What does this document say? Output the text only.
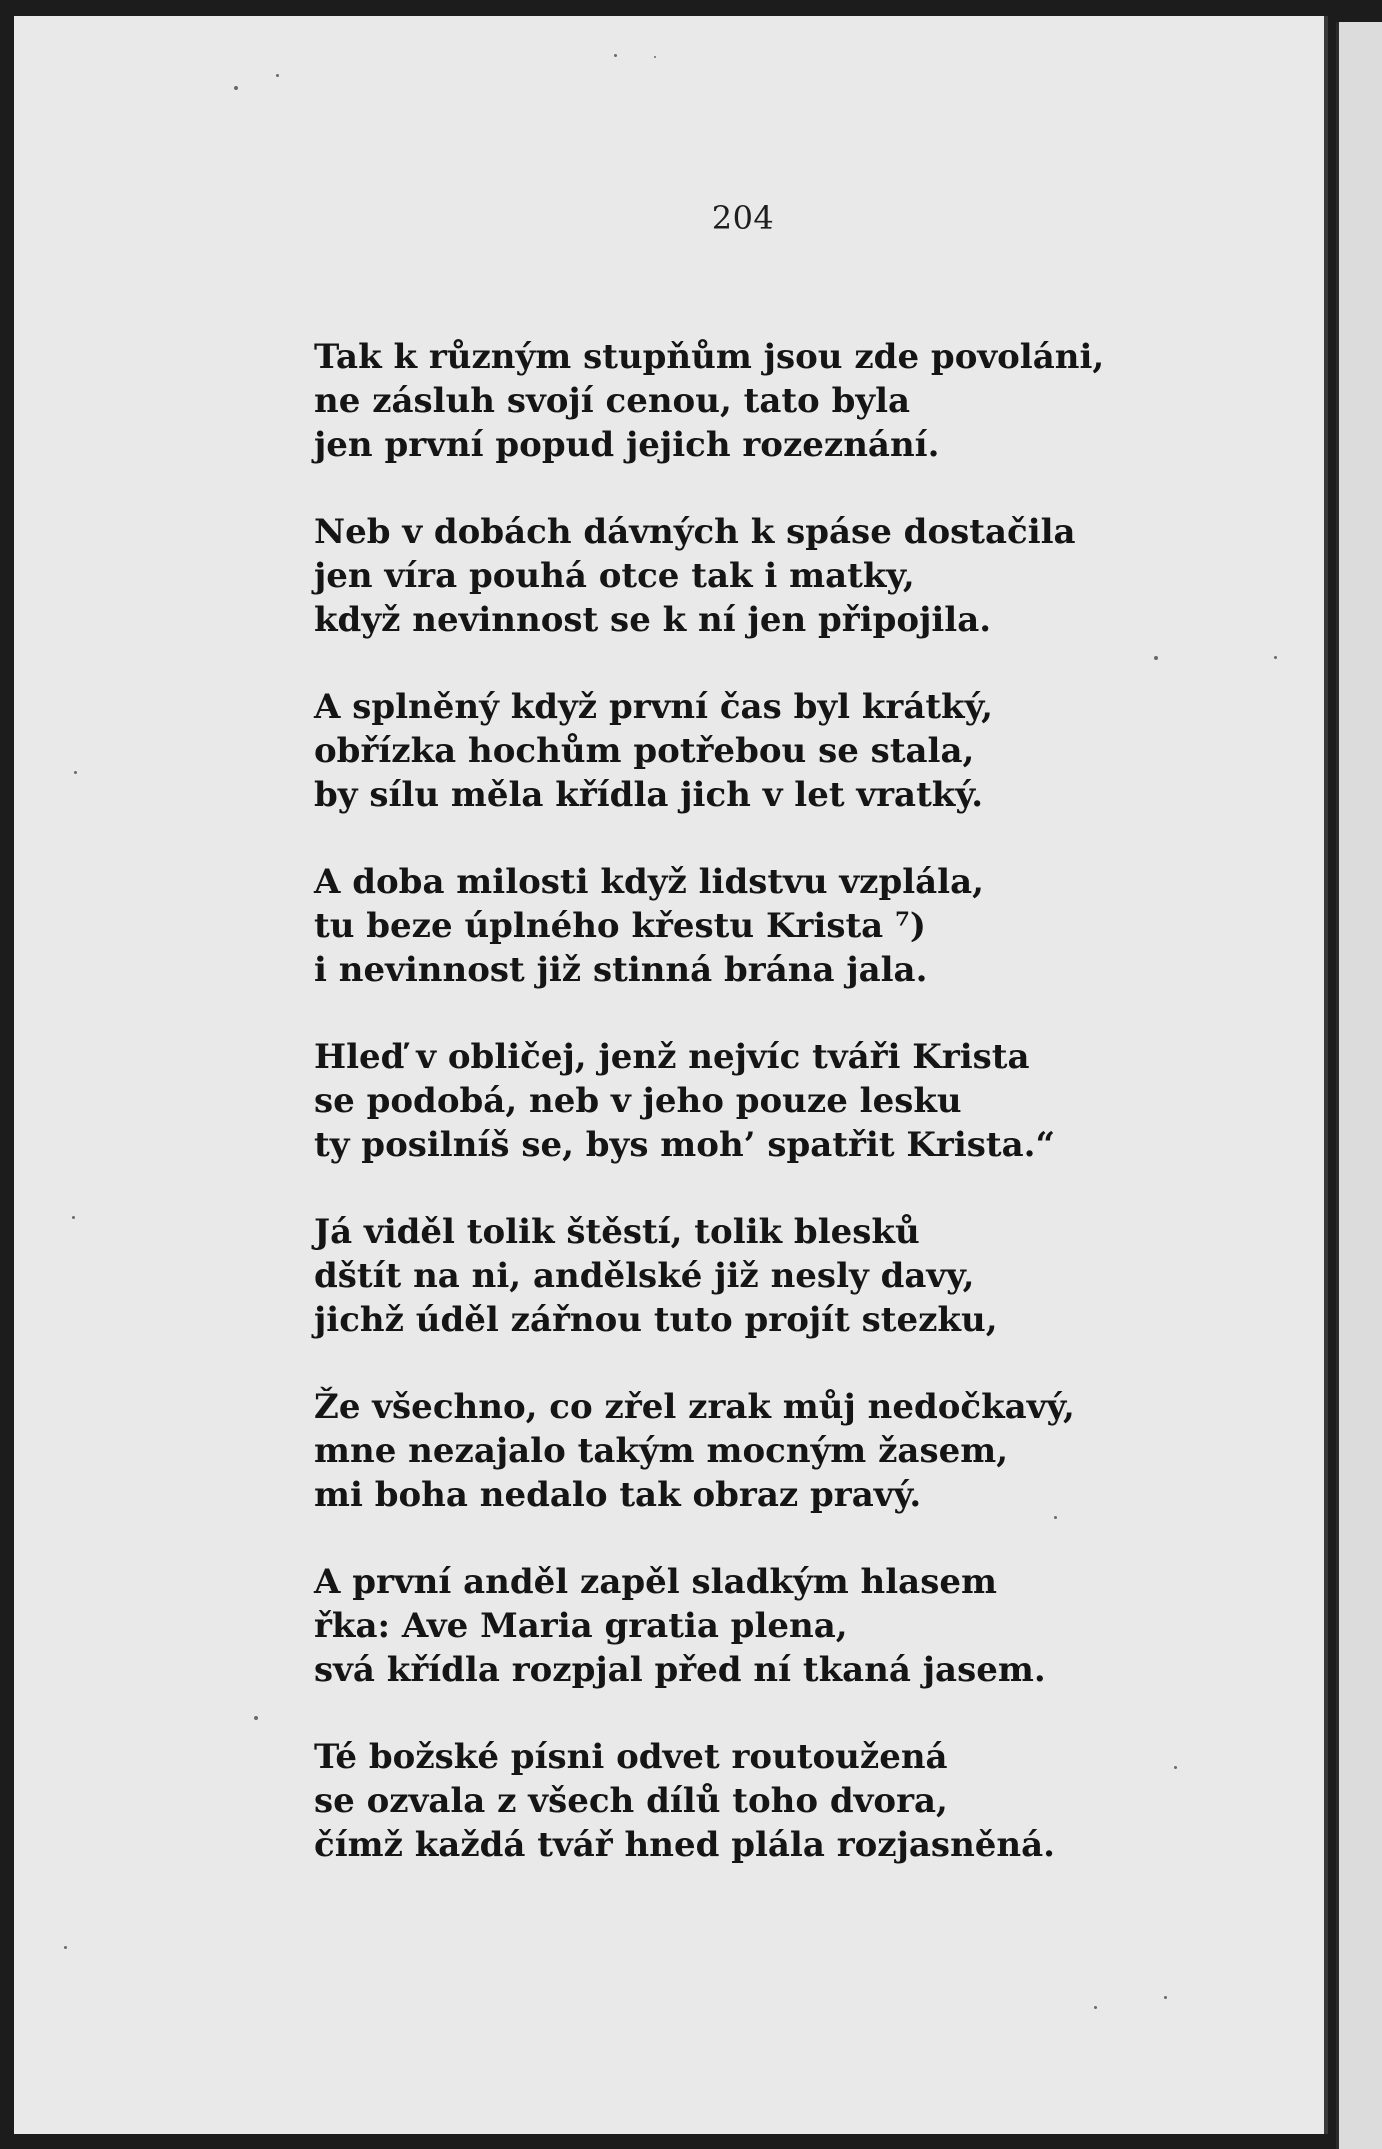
204
Tak k různým stupňům jsou zde povoláni,
ne zásluh svojí cenou, tato byla
jen první popud jejich rozeznání.
Neb v dobách dávných k spáse dostačila
jen víra pouhá otce tak i matky,
když nevinnost se k ní jen připojila.
A splněný když první čas byl krátký,
obřízka hochům potřebou se stala,
by sílu měla křídla jich v let vratký.
A doba milosti když lidstvu vzplála,
tu beze úplného křestu Krista ⁷)
i nevinnost již stinná brána jala.
Hleď v obličej, jenž nejvíc tváři Krista
se podobá, neb v jeho pouze lesku
ty posilníš se, bys moh’ spatřit Krista.“
Já viděl tolik štěstí, tolik blesků
dštít na ni, andělské již nesly davy,
jichž úděl zářnou tuto projít stezku,
Že všechno, co zřel zrak můj nedočkavý,
mne nezajalo takým mocným žasem,
mi boha nedalo tak obraz pravý.
A první anděl zapěl sladkým hlasem
řka: Ave Maria gratia plena,
svá křídla rozpjal před ní tkaná jasem.
Té božské písni odvet routoužená
se ozvala z všech dílů toho dvora,
čímž každá tvář hned plála rozjasněná.
